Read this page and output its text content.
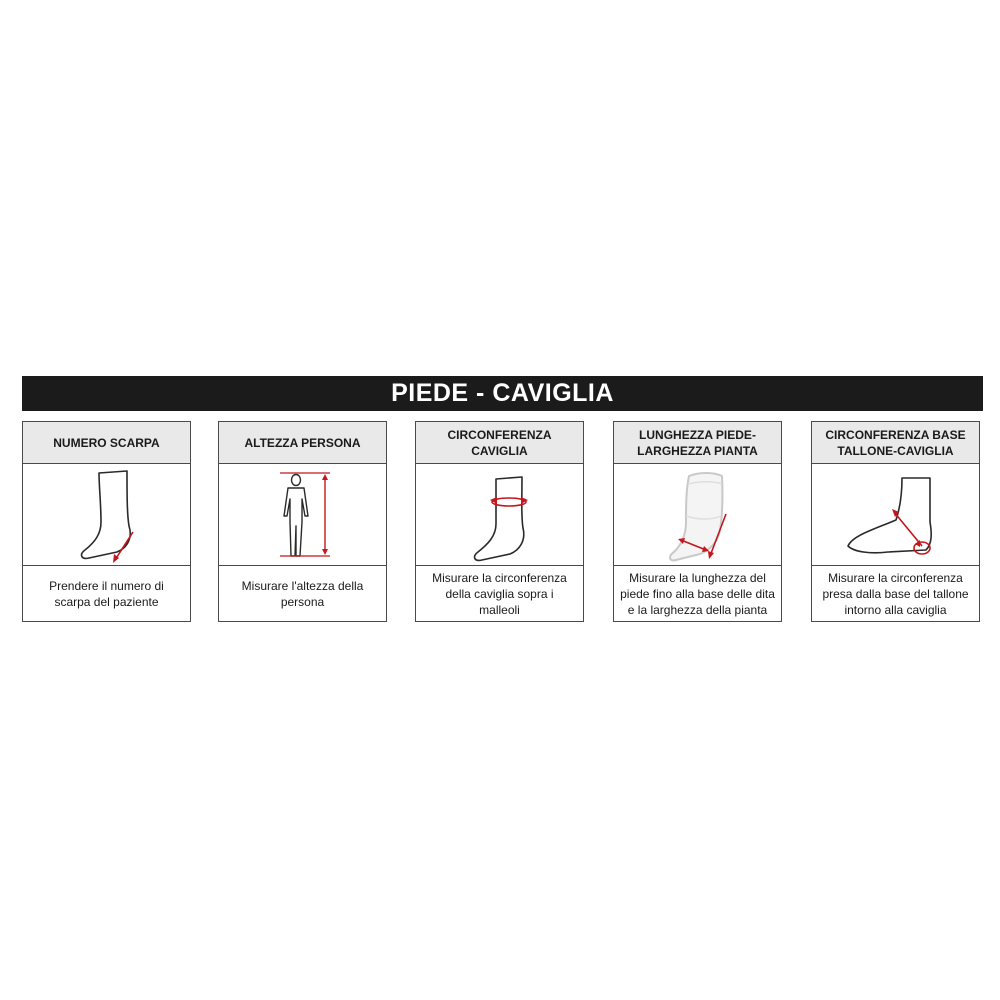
PIEDE - CAVIGLIA
NUMERO SCARPA
Prendere il numero di
scarpa del paziente
ALTEZZA PERSONA
Misurare l'altezza della
persona
CIRCONFERENZA
CAVIGLIA
Misurare la circonferenza
della caviglia sopra i
malleoli
LUNGHEZZA PIEDE-
LARGHEZZA PIANTA
Misurare la lunghezza del
piede fino alla base delle dita
e la larghezza della pianta
CIRCONFERENZA BASE
TALLONE-CAVIGLIA
Misurare la circonferenza
presa dalla base del tallone
intorno alla caviglia
